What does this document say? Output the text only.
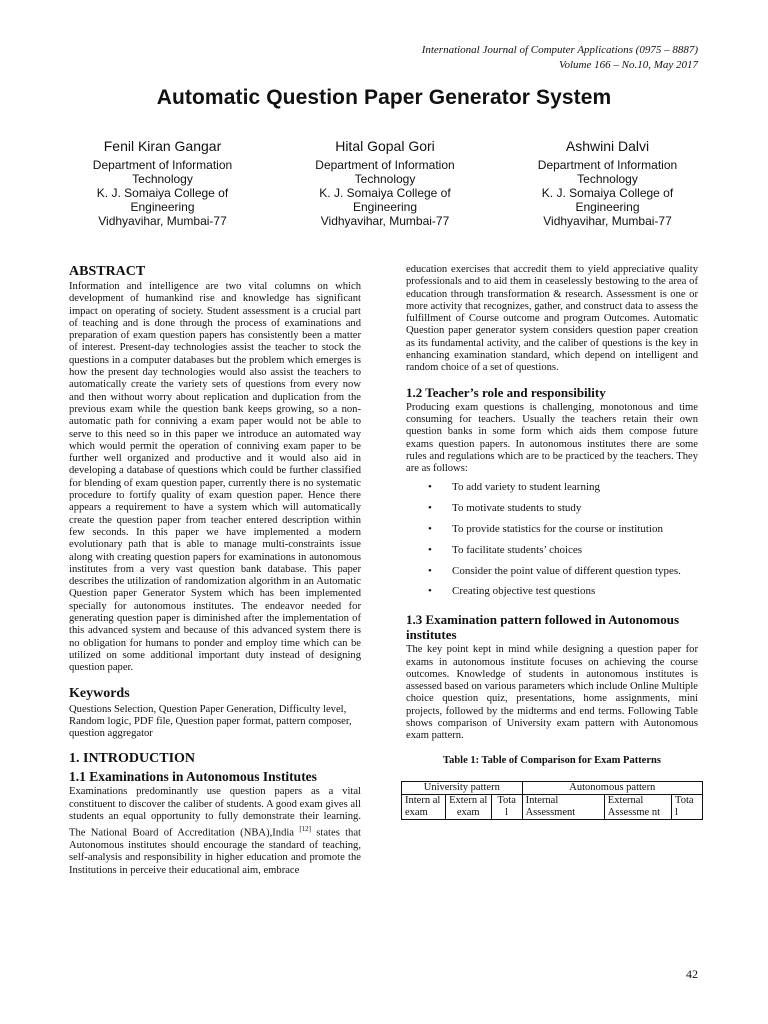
International Journal of Computer Applications (0975 – 8887)
Volume 166 – No.10, May 2017
Automatic Question Paper Generator System
Fenil Kiran Gangar
Department of Information
Technology
K. J. Somaiya College of
Engineering
Vidhyavihar, Mumbai-77
Hital Gopal Gori
Department of Information
Technology
K. J. Somaiya College of
Engineering
Vidhyavihar, Mumbai-77
Ashwini Dalvi
Department of Information
Technology
K. J. Somaiya College of
Engineering
Vidhyavihar, Mumbai-77
ABSTRACT

Information and intelligence are two vital columns on which development of humankind rise and knowledge has significant impact on operating of society. Student assessment is a crucial part of teaching and is done through the process of examinations and preparation of exam question papers has consistently been a matter of interest. Present-day technologies assist the teacher to stock the questions in a computer databases but the problem which emerges is how the present day technologies would also assist the teachers to automatically create the variety sets of questions from every now and then without worry about replication and duplication from the previous exam while the question bank keeps growing, so a non-automatic path for conniving a exam paper would not be able to serve to this need so in this paper we introduce an automated way which would permit the operation of conniving exam paper to be further well organized and productive and it would also aid in developing a database of questions which could be further classified for blending of exam question paper, currently there is no systematic procedure to fortify quality of exam question paper. Hence there appears a requirement to have a system which will automatically create the question paper from teacher entered description within few seconds. In this paper we have implemented a modern evolutionary path that is able to manage multi-constraints issue along with creating question papers for examinations in autonomous institutes from a very vast question bank database. This paper describes the utilization of randomization algorithm in an Automatic Question paper Generator System which has been implemented specially for autonomous institutes. The endeavor needed for generating question paper is diminished after the implementation of this advanced system and because of this advanced system there is no obligation for humans to ponder and employ time which can be utilized on some additional important duty instead of designing question paper.

Keywords

Questions Selection, Question Paper Generation, Difficulty level, Random logic, PDF file, Question paper format, pattern composer, question aggregator

1. INTRODUCTION
1.1 Examinations in Autonomous Institutes

Examinations predominantly use question papers as a vital constituent to discover the caliber of students. A good exam gives all students an equal opportunity to fully demonstrate their learning. The National Board of Accreditation (NBA),India [12] states that Autonomous institutes should encourage the standard of teaching, self-analysis and responsibility in higher education and promote the Institutions in perceive their educational aim, embrace

education exercises that accredit them to yield appreciative quality professionals and to aid them in ceaselessly bestowing to the area of education through transformation & research. Assessment is one or more activity that recognizes, gather, and construct data to assess the fulfillment of Course outcome and program Outcomes. Automatic Question paper generator system considers question paper creation as its fundamental activity, and the caliber of questions is the key in enhancing examination standard, which depend on intelligent and random choice of a set of questions.

1.2 Teacher’s role and responsibility

Producing exam questions is challenging, monotonous and time consuming for teachers. Usually the teachers retain their own question banks in some form which aids them compose future exams question papers. In autonomous institutes there are some rules and regulations which are to be practiced by the teachers. They are as follows:

• To add variety to student learning
• To motivate students to study
• To provide statistics for the course or institution
• To facilitate students’ choices
• Consider the point value of different question types.
• Creating objective test questions
1.3 Examination pattern followed in Autonomous institutes

The key point kept in mind while designing a question paper for exams in autonomous institute focuses on achieving the course outcomes. Knowledge of students in autonomous institutes is assessed based on various parameters which include Online Multiple choice question quiz, presentations, home assignments, mini projects, followed by the midterms and end terms. Following Table shows comparison of University exam pattern with Autonomous exam pattern.

Table 1: Table of Comparison for Exam Patterns
University pattern			Autonomous pattern		
Intern al exam	Extern al exam	Tota l	Internal Assessment	External Assessme nt	Tota l
42
